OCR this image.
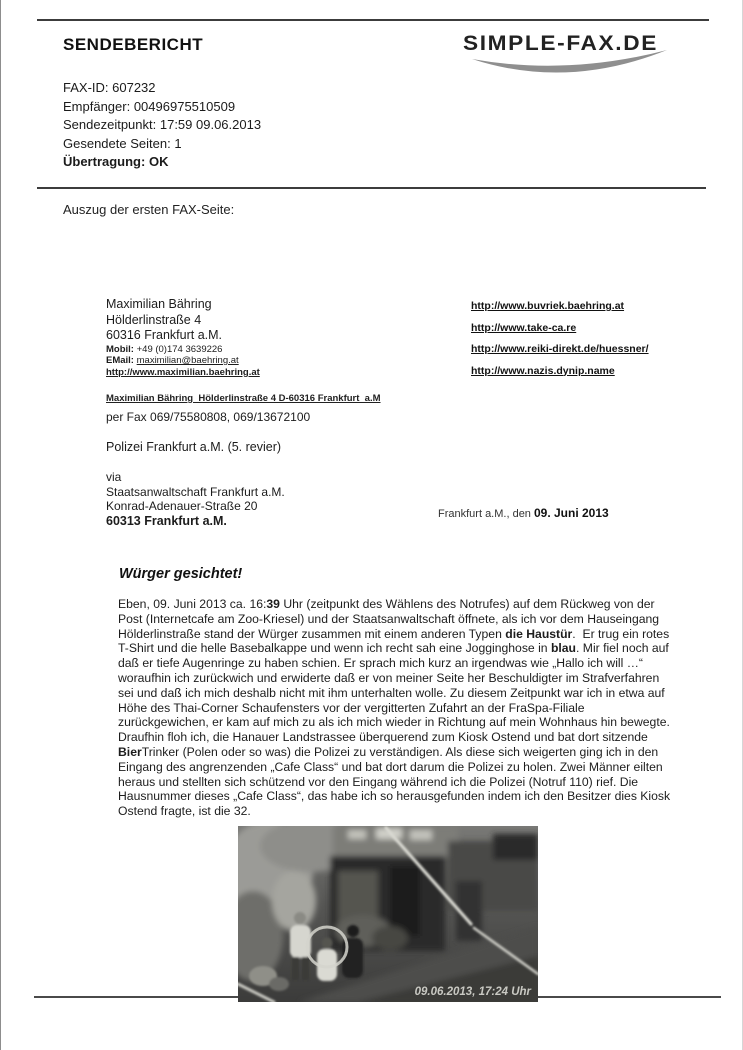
SENDEBERICHT	SIMPLE-FAX.DE
FAX-ID: 607232
Empfänger: 00496975510509
Sendezeitpunkt: 17:59 09.06.2013
Gesendete Seiten: 1
Übertragung: OK
Auszug der ersten FAX-Seite:
Maximilian Bähring
Hölderlinstraße 4
60316 Frankfurt a.M.
Mobil: +49 (0)174 3639226
EMail: maximilian@baehring.at
http://www.maximilian.baehring.at
http://www.buvriek.baehring.at
http://www.take-ca.re
http://www.reiki-direkt.de/huessner/
http://www.nazis.dynip.name
Maximilian Bähring  Hölderlinstraße 4 D-60316 Frankfurt  a.M
per Fax 069/75580808, 069/13672100
Polizei Frankfurt a.M. (5. revier)
via
Staatsanwaltschaft Frankfurt a.M.
Konrad-Adenauer-Straße 20
60313 Frankfurt a.M.	Frankfurt a.M., den 09. Juni 2013
Würger gesichtet!
Eben, 09. Juni 2013 ca. 16:39 Uhr (zeitpunkt des Wählens des Notrufes) auf dem Rückweg von der Post (Internetcafe am Zoo-Kriesel) und der Staatsanwaltschaft öffnete, als ich vor dem Hauseingang Hölderlinstraße stand der Würger zusammen mit einem anderen Typen die Haustür.  Er trug ein rotes T-Shirt und die helle Basebalkappe und wenn ich recht sah eine Jogginghose in blau. Mir fiel noch auf daß er tiefe Augenringe zu haben schien. Er sprach mich kurz an irgendwas wie „Hallo ich will …“ woraufhin ich zurückwich und erwiderte daß er von meiner Seite her Beschuldigter im Strafverfahren sei und daß ich mich deshalb nicht mit ihm unterhalten wolle. Zu diesem Zeitpunkt war ich in etwa auf Höhe des Thai-Corner Schaufensters vor der vergitterten Zufahrt an der FraSpa-Filiale zurückgewichen, er kam auf mich zu als ich mich wieder in Richtung auf mein Wohnhaus hin bewegte. Draufhin floh ich, die Hanauer Landstrassee überquerend zum Kiosk Ostend und bat dort sitzende BierTrinker (Polen oder so was) die Polizei zu verständigen. Als diese sich weigerten ging ich in den Eingang des angrenzenden „Cafe Class“ und bat dort darum die Polizei zu holen. Zwei Männer eilten heraus und stellten sich schützend vor den Eingang während ich die Polizei (Notruf 110) rief. Die Hausnummer dieses „Cafe Class“, das habe ich so herausgefunden indem ich den Besitzer dies Kiosk Ostend fragte, ist die 32.
09.06.2013, 17:24 Uhr
